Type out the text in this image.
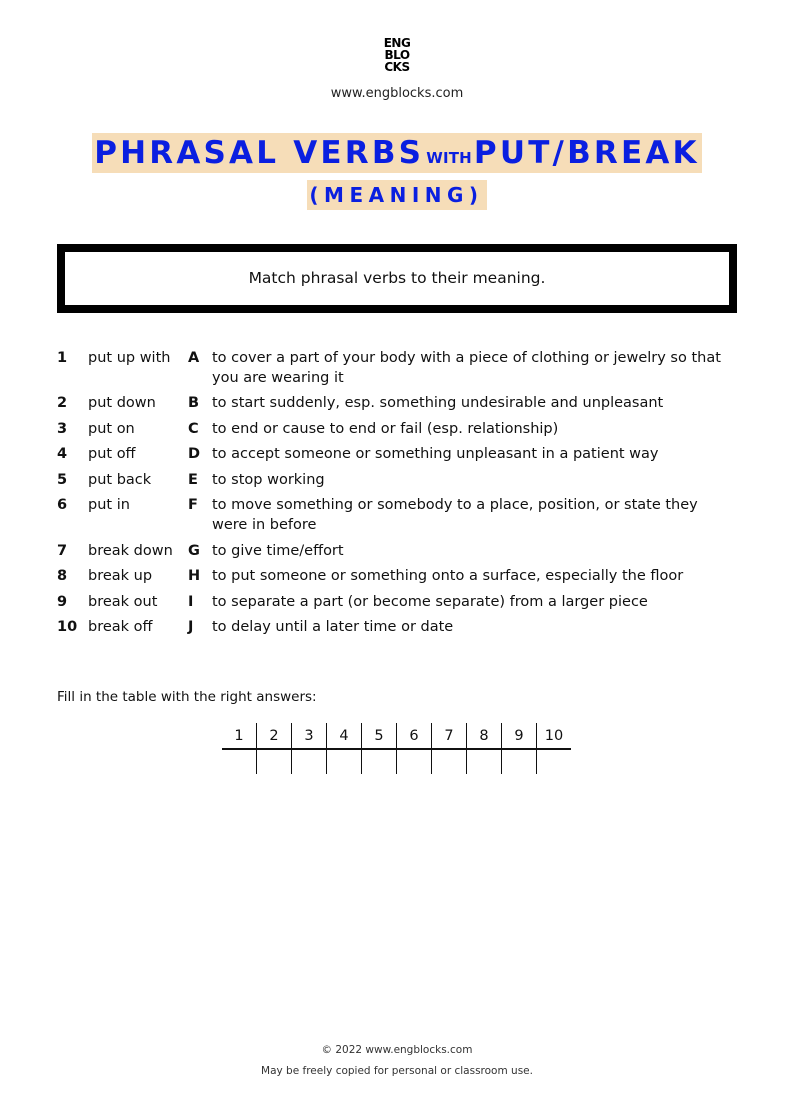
ENG
BLO
CKS
www.engblocks.com
PHRASAL VERBS WITHPUT/BREAK
(MEANING)
Match phrasal verbs to their meaning.
1 put up with A to cover a part of your body with a piece of clothing or jewelry so that you are wearing it
2 put down B to start suddenly, esp. something undesirable and unpleasant
3 put on	C to end or cause to end or fail (esp. relationship)
4 put off	D to accept someone or something unpleasant in a patient way
5 put back	E to stop working
6 put in	F to move something or somebody to a place, position, or state they were in before
7 break down G to give time/effort
8 break up H to put someone or something onto a surface, especially the floor
9 break out I to separate a part (or become separate) from a larger piece
10 break off J to delay until a later time or date
Fill in the table with the right answers:
1	2	3	4	5	6	7	8	9	10

© 2022 www.engblocks.com
May be freely copied for personal or classroom use.
